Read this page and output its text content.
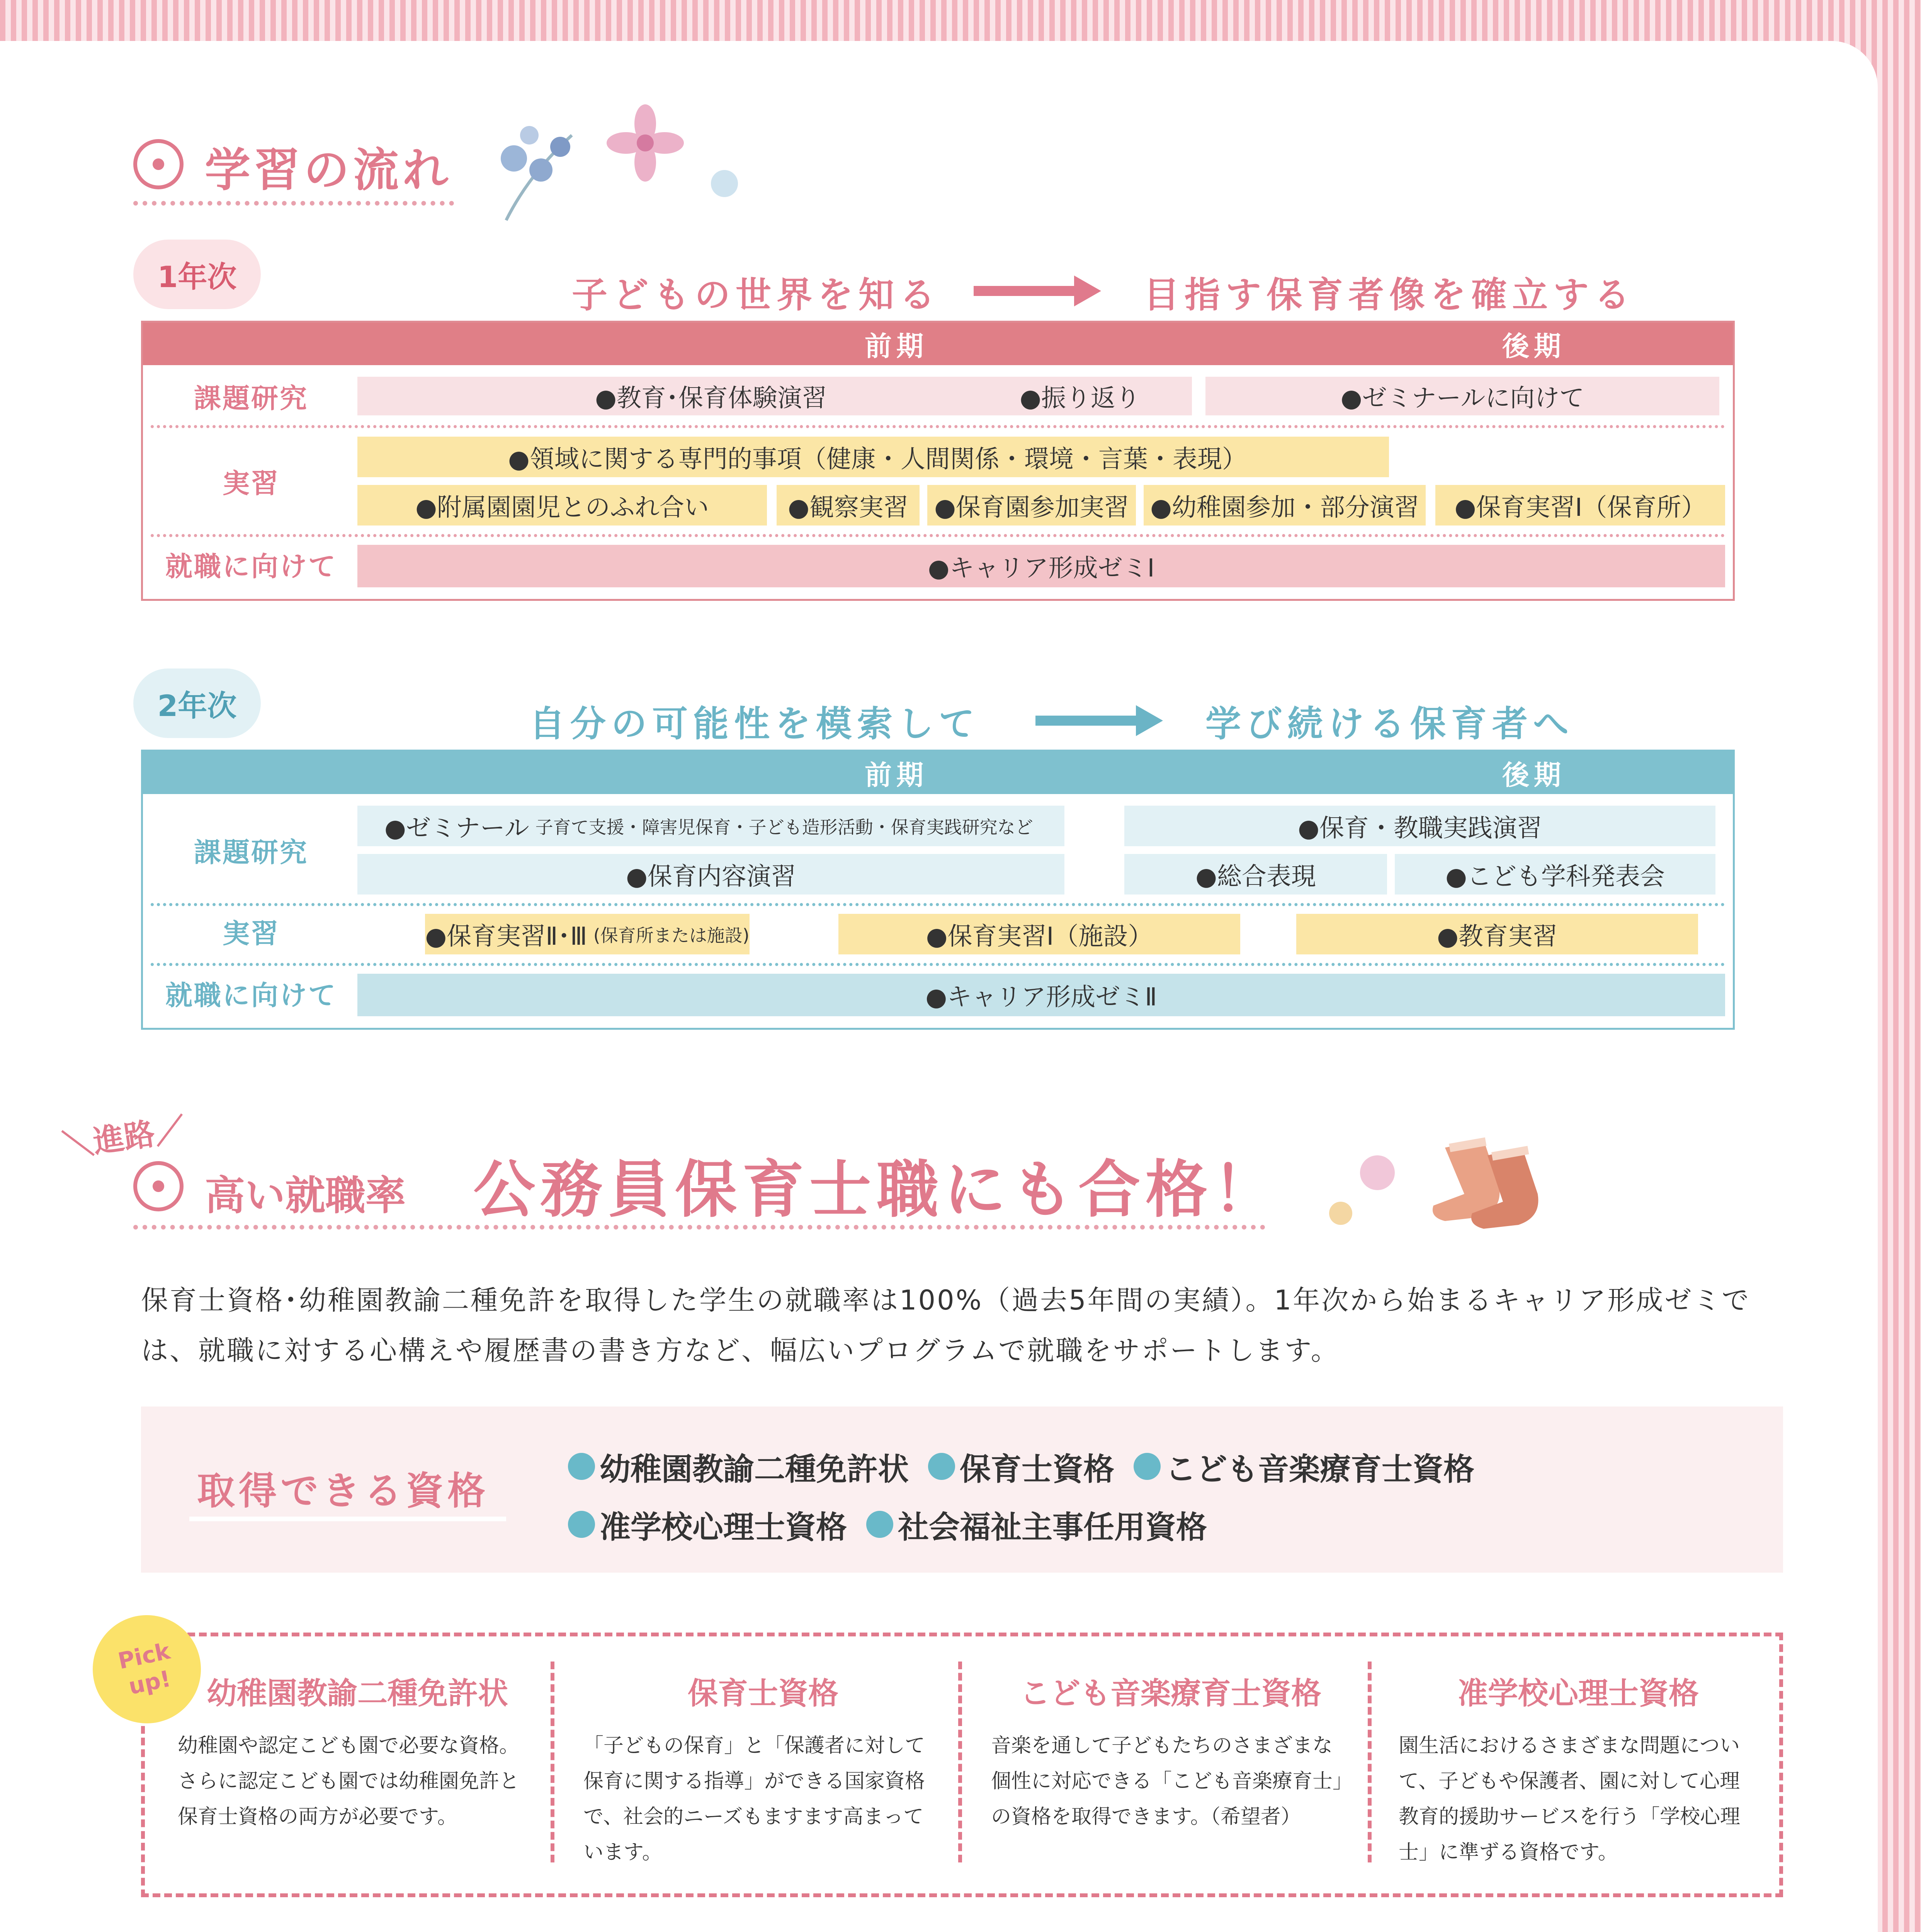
学習の流れ
1年次	子どもの世界を知る	目指す保育者像を確立する
前期	後期
課題研究	●教育･保育体験演習	●振り返り	●ゼミナールに向けて
実習
●領域に関する専門的事項（健康・人間関係・環境・言葉・表現）
●附属園園児とのふれ合い	●観察実習	●保育園参加実習 ●幼稚園参加・部分演習	●保育実習Ⅰ（保育所）
就職に向けて	●キャリア形成ゼミⅠ
2年次	自分の可能性を模索して	学び続ける保育者へ
前期	後期
課題研究
●ゼミナール 子育て支援・障害児保育・子ども造形活動・保育実践研究など	●保育・教職実践演習
●保育内容演習	●総合表現	●こども学科発表会
実習	●保育実習Ⅱ･Ⅲ (保育所または施設)	●保育実習Ⅰ（施設）	●教育実習
就職に向けて	●キャリア形成ゼミⅡ
＼進路／
高い就職率 公務員保育士職にも合格！
保育士資格･幼稚園教諭二種免許を取得した学生の就職率は100%（過去5年間の実績）。1年次から始まるキャリア形成ゼミでは、就職に対する心構えや履歴書の書き方など、幅広いプログラムで就職をサポートします。
取得できる資格	幼稚園教諭二種免許状 保育士資格 こども音楽療育士資格
准学校心理士資格 社会福祉主事任用資格
Pick up!	幼稚園教諭二種免許状

幼稚園や認定こども園で必要な資格。さらに認定こども園では幼稚園免許と保育士資格の両方が必要です。

保育士資格

「子どもの保育」と「保護者に対して保育に関する指導」ができる国家資格で、社会的ニーズもますます高まっています。

こども音楽療育士資格

音楽を通して子どもたちのさまざまな個性に対応できる「こども音楽療育士」の資格を取得できます。（希望者）

准学校心理士資格

園生活におけるさまざまな問題について、子どもや保護者、園に対して心理教育的援助サービスを行う「学校心理士」に準ずる資格です。
